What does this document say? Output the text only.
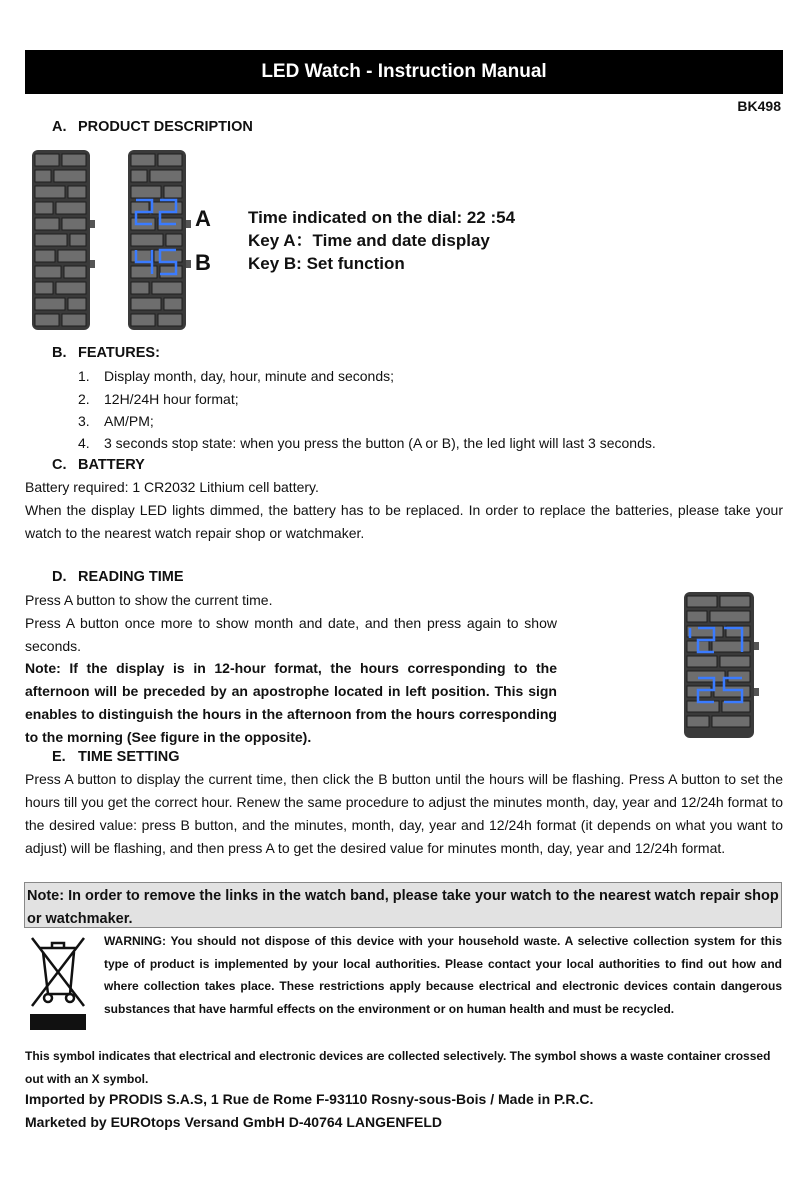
LED Watch - Instruction Manual
BK498
A. PRODUCT DESCRIPTION
A
B
Time indicated on the dial: 22 :54
Key A：Time and date display
Key B: Set function
B. FEATURES:
1. Display month, day, hour, minute and seconds;
2. 12H/24H hour format;
3. AM/PM;
4. 3 seconds stop state: when you press the button (A or B), the led light will last 3 seconds.
C. BATTERY
Battery required: 1 CR2032 Lithium cell battery.
When the display LED lights dimmed, the battery has to be replaced. In order to replace the batteries, please take your watch to the nearest watch repair shop or watchmaker.
D. READING TIME
Press A button to show the current time.
Press A button once more to show month and date, and then press again to show seconds.
Note: If the display is in 12-hour format, the hours corresponding to the afternoon will be preceded by an apostrophe located in left position. This sign enables to distinguish the hours in the afternoon from the hours corresponding to the morning (See figure in the opposite).
E. TIME SETTING
Press A button to display the current time, then click the B button until the hours will be flashing. Press A button to set the hours till you get the correct hour. Renew the same procedure to adjust the minutes month, day, year and 12/24h format to the desired value: press B button, and the minutes, month, day, year and 12/24h format (it depends on what you want to adjust) will be flashing, and then press A to get the desired value for minutes month, day, year and 12/24h format.
Note: In order to remove the links in the watch band, please take your watch to the nearest watch repair shop or watchmaker.
WARNING: You should not dispose of this device with your household waste. A selective collection system for this type of product is implemented by your local authorities. Please contact your local authorities to find out how and where collection takes place. These restrictions apply because electrical and electronic devices contain dangerous substances that have harmful effects on the environment or on human health and must be recycled.
This symbol indicates that electrical and electronic devices are collected selectively. The symbol shows a waste container crossed out with an X symbol.
Imported by PRODIS S.A.S, 1 Rue de Rome F-93110 Rosny-sous-Bois / Made in P.R.C.
Marketed by EUROtops Versand GmbH D-40764 LANGENFELD
